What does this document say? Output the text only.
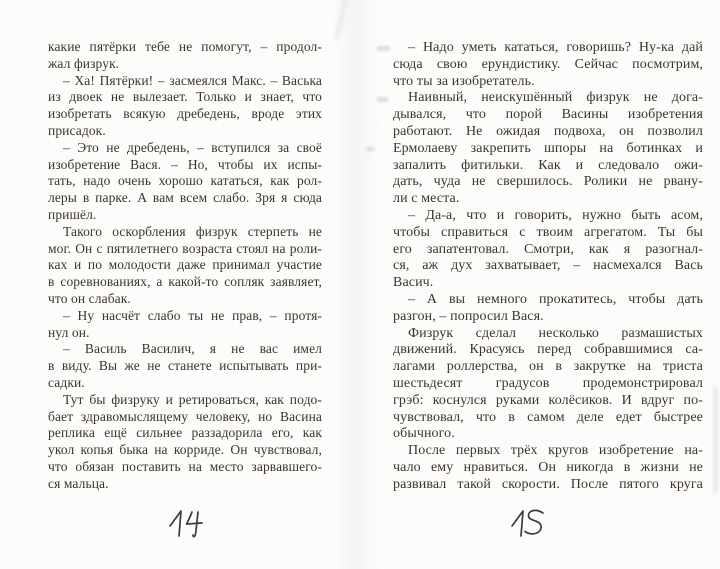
какие пятёрки тебе не помогут, – продол-
жал физрук.
– Ха! Пятёрки! – засмеялся Макс. – Васька
из двоек не вылезает. Только и знает, что
изобретать всякую дребедень, вроде этих
присадок.
– Это не дребедень, – вступился за своё
изобретение Вася. – Но, чтобы их испы-
тать, надо очень хорошо кататься, как рол-
леры в парке. А вам всем слабо. Зря я сюда
пришёл.
Такого оскорбления физрук стерпеть не
мог. Он с пятилетнего возраста стоял на роли-
ках и по молодости даже принимал участие
в соревнованиях, а какой-то сопляк заявляет,
что он слабак.
– Ну насчёт слабо ты не прав, – протя-
нул он.
– Василь Василич, я не вас имел
в виду. Вы же не станете испытывать при-
садки.
Тут бы физруку и ретироваться, как подо-
бает здравомыслящему человеку, но Васина
реплика ещё сильнее раззадорила его, как
укол копья быка на корриде. Он чувствовал,
что обязан поставить на место зарвавшего-
ся мальца.
– Надо уметь кататься, говоришь? Ну-ка дай
сюда свою ерундистику. Сейчас посмотрим,
что ты за изобретатель.
Наивный, неискушённый физрук не дога-
дывался, что порой Васины изобретения
работают. Не ожидая подвоха, он позволил
Ермолаеву закрепить шпоры на ботинках и
запалить фитильки. Как и следовало ожи-
дать, чуда не свершилось. Ролики не рвану-
ли с места.
– Да-а, что и говорить, нужно быть асом,
чтобы справиться с твоим агрегатом. Ты бы
его запатентовал. Смотри, как я разогнал-
ся, аж дух захватывает, – насмехался Вась
Васич.
– А вы немного прокатитесь, чтобы дать
разгон, – попросил Вася.
Физрук сделал несколько размашистых
движений. Красуясь перед собравшимися са-
лагами роллерства, он в закрутке на триста
шестьдесят градусов продемонстрировал
грэб: коснулся руками колёсиков. И вдруг по-
чувствовал, что в самом деле едет быстрее
обычного.
После первых трёх кругов изобретение на-
чало ему нравиться. Он никогда в жизни не
развивал такой скорости. После пятого круга
